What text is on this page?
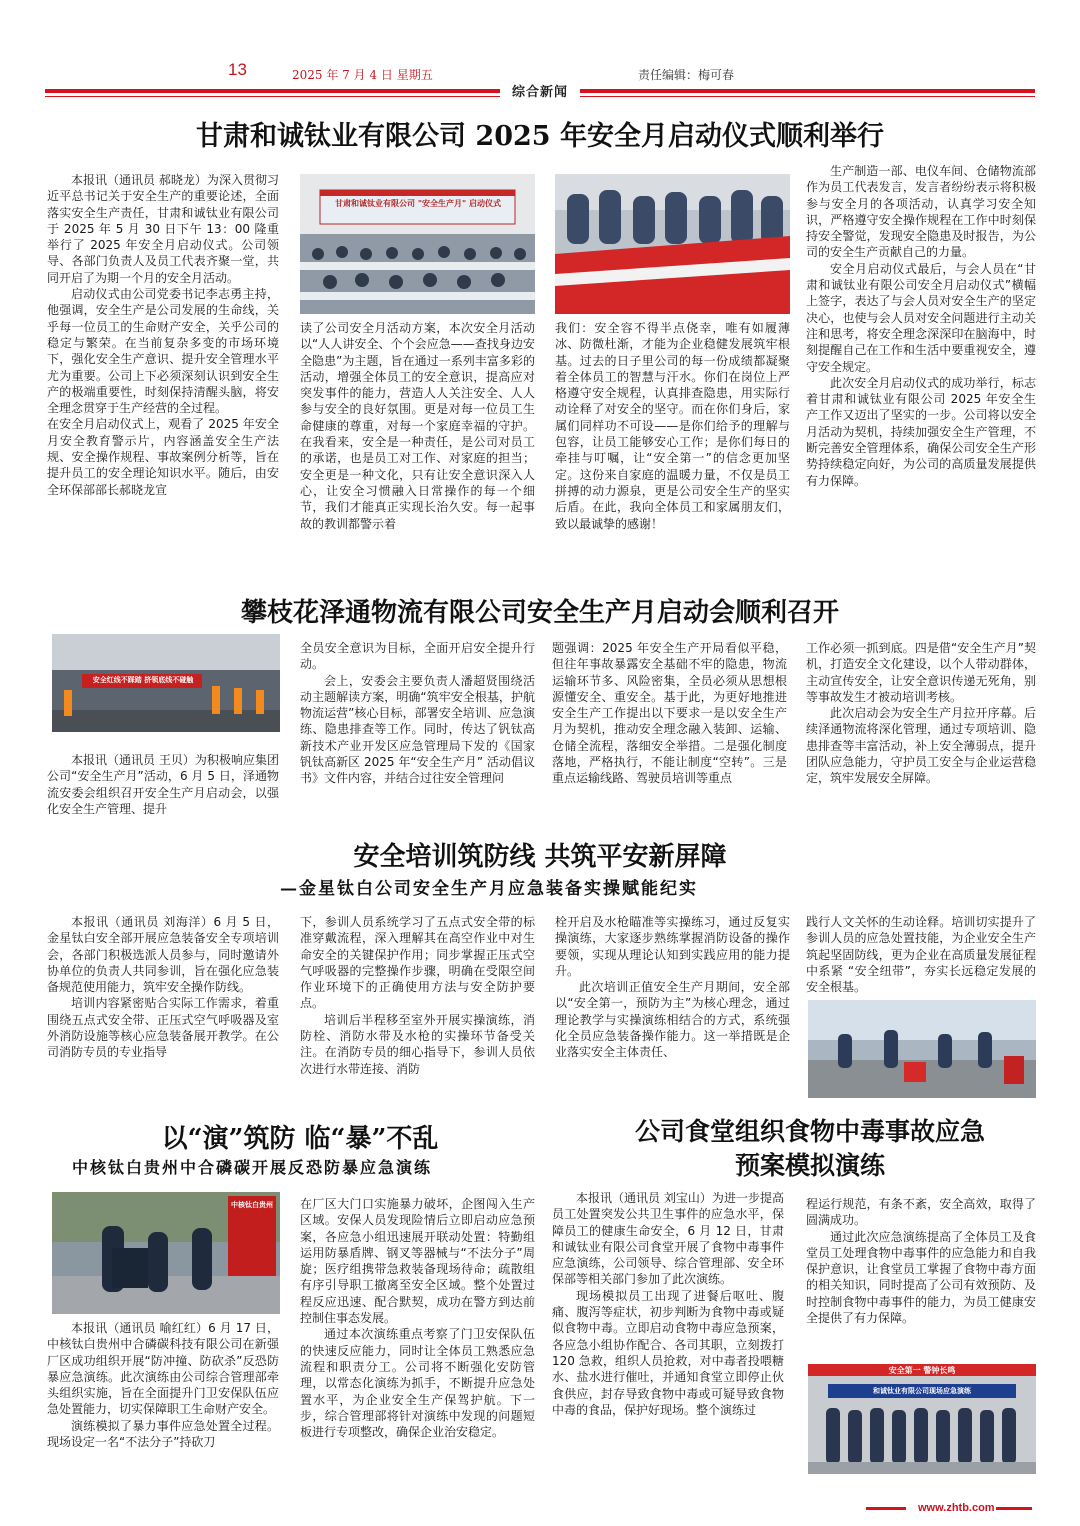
13	2025 年 7 月 4 日 星期五	责任编辑：梅可春
综合新闻
甘肃和诚钛业有限公司 2025 年安全月启动仪式顺利举行

本报讯（通讯员 郝晓龙）为深入贯彻习近平总书记关于安全生产的重要论述，全面落实安全生产责任，甘肃和诚钛业有限公司于 2025 年 5 月 30 日下午 13：00 隆重举行了 2025 年安全月启动仪式。公司领导、各部门负责人及员工代表齐聚一堂，共同开启了为期一个月的安全月活动。

启动仪式由公司党委书记李志勇主持，他强调，安全生产是公司发展的生命线，关乎每一位员工的生命财产安全，关乎公司的稳定与繁荣。在当前复杂多变的市场环境下，强化安全生产意识、提升安全管理水平尤为重要。公司上下必须深刻认识到安全生产的极端重要性，时刻保持清醒头脑，将安全理念贯穿于生产经营的全过程。

在安全月启动仪式上，观看了 2025 年安全月安全教育警示片，内容涵盖安全生产法规、安全操作规程、事故案例分析等，旨在提升员工的安全理论知识水平。随后，由安全环保部部长郝晓龙宣

甘肃和诚钛业有限公司 "安全生产月" 启动仪式

读了公司安全月活动方案，本次安全月活动以“人人讲安全、个个会应急——查找身边安全隐患”为主题，旨在通过一系列丰富多彩的活动，增强全体员工的安全意识，提高应对突发事件的能力，营造人人关注安全、人人参与安全的良好氛围。更是对每一位员工生命健康的尊重，对每一个家庭幸福的守护。在我看来，安全是一种责任，是公司对员工的承诺，也是员工对工作、对家庭的担当；安全更是一种文化，只有让安全意识深入人心，让安全习惯融入日常操作的每一个细节，我们才能真正实现长治久安。每一起事故的教训都警示着

我们：安全容不得半点侥幸，唯有如履薄冰、防微杜渐，才能为企业稳健发展筑牢根基。过去的日子里公司的每一份成绩都凝聚着全体员工的智慧与汗水。你们在岗位上严格遵守安全规程，认真排查隐患，用实际行动诠释了对安全的坚守。而在你们身后，家属们同样功不可设——是你们给予的理解与包容，让员工能够安心工作；是你们每日的牵挂与叮嘱，让“安全第一”的信念更加坚定。这份来自家庭的温暖力量，不仅是员工拼搏的动力源泉，更是公司安全生产的坚实后盾。在此，我向全体员工和家属朋友们，致以最诚挚的感谢！

生产制造一部、电仪车间、仓储物流部作为员工代表发言，发言者纷纷表示将积极参与安全月的各项活动，认真学习安全知识，严格遵守安全操作规程在工作中时刻保持安全警觉，发现安全隐患及时报告，为公司的安全生产贡献自己的力量。

安全月启动仪式最后，与会人员在“甘肃和诚钛业有限公司安全月启动仪式”横幅上签字，表达了与会人员对安全生产的坚定决心，也使与会人员对安全问题进行主动关注和思考，将安全理念深深印在脑海中，时刻提醒自己在工作和生活中要重视安全，遵守安全规定。

此次安全月启动仪式的成功举行，标志着甘肃和诚钛业有限公司 2025 年安全生产工作又迈出了坚实的一步。公司将以安全月活动为契机，持续加强安全生产管理，不断完善安全管理体系，确保公司安全生产形势持续稳定向好，为公司的高质量发展提供有力保障。

攀枝花泽通物流有限公司安全生产月启动会顺利召开
安全红线不踩踏 挤领底线不碰触

本报讯（通讯员 王贝）为积极响应集团公司“安全生产月”活动，6 月 5 日，泽通物流安委会组织召开安全生产月启动会，以强化安全生产管理、提升

全员安全意识为目标，全面开启安全提升行动。

会上，安委会主要负责人潘超贤围绕活动主题解读方案，明确“筑牢安全根基，护航物流运营”核心目标，部署安全培训、应急演练、隐患排查等工作。同时，传达了钒钛高新技术产业开发区应急管理局下发的《国家钒钛高新区 2025 年“安全生产月” 活动倡议书》文件内容，并结合过往安全管理问

题强调：2025 年安全生产开局看似平稳，但往年事故暴露安全基础不牢的隐患，物流运输环节多、风险密集，全员必须从思想根源懂安全、重安全。基于此，为更好地推进安全生产工作提出以下要求一是以安全生产月为契机，推动安全理念融入装卸、运输、仓储全流程，落细安全举措。二是强化制度落地，严格执行，不能让制度“空转”。三是重点运输线路、驾驶员培训等重点

工作必须一抓到底。四是借“安全生产月”契机，打造安全文化建设，以个人带动群体，主动宣传安全，让安全意识传递无死角，别等事故发生才被动培训考核。

此次启动会为安全生产月拉开序幕。后续泽通物流将深化管理，通过专项培训、隐患排查等丰富活动，补上安全薄弱点，提升团队应急能力，守护员工安全与企业运营稳定，筑牢发展安全屏障。

安全培训筑防线 共筑平安新屏障
—金星钛白公司安全生产月应急装备实操赋能纪实

本报讯（通讯员 刘海洋）6 月 5 日，金星钛白安全部开展应急装备安全专项培训会，各部门积极选派人员参与，同时邀请外协单位的负责人共同参训，旨在强化应急装备规范使用能力，筑牢安全操作防线。

培训内容紧密贴合实际工作需求，着重围绕五点式安全带、正压式空气呼吸器及室外消防设施等核心应急装备展开教学。在公司消防专员的专业指导

下，参训人员系统学习了五点式安全带的标准穿戴流程，深入理解其在高空作业中对生命安全的关键保护作用；同步掌握正压式空气呼吸器的完整操作步骤，明确在受限空间作业环境下的正确使用方法与安全防护要点。

培训后半程移至室外开展实操演练，消防栓、消防水带及水枪的实操环节备受关注。在消防专员的细心指导下，参训人员依次进行水带连接、消防

栓开启及水枪瞄准等实操练习，通过反复实操演练，大家逐步熟练掌握消防设备的操作要领，实现从理论认知到实践应用的能力提升。

此次培训正值安全生产月期间，安全部以“安全第一，预防为主”为核心理念，通过理论教学与实操演练相结合的方式，系统强化全员应急装备操作能力。这一举措既是企业落实安全主体责任、

践行人文关怀的生动诠释。培训切实提升了参训人员的应急处置技能，为企业安全生产筑起坚固防线，更为企业在高质量发展征程中系紧 “安全纽带”，夯实长远稳定发展的安全根基。

以“演”筑防 临“暴”不乱
中核钛白贵州中合磷碳开展反恐防暴应急演练
中核钛白贵州

本报讯（通讯员 喻红红）6 月 17 日，中核钛白贵州中合磷碳科技有限公司在新强厂区成功组织开展“防冲撞、防砍杀”反恐防暴应急演练。此次演练由公司综合管理部牵头组织实施，旨在全面提升门卫安保队伍应急处置能力，切实保障职工生命财产安全。

演练模拟了暴力事件应急处置全过程。现场设定一名“不法分子”持砍刀

在厂区大门口实施暴力破坏，企图闯入生产区域。安保人员发现险情后立即启动应急预案，各应急小组迅速展开联动处置：特勤组运用防暴盾牌、钢叉等器械与“不法分子”周旋；医疗组携带急救装备现场待命；疏散组有序引导职工撤离至安全区域。整个处置过程反应迅速、配合默契，成功在警方到达前控制住事态发展。

通过本次演练重点考察了门卫安保队伍的快速反应能力，同时让全体员工熟悉应急流程和职责分工。公司将不断强化安防管理，以常态化演练为抓手，不断提升应急处置水平，为企业安全生产保驾护航。下一步，综合管理部将针对演练中发现的问题短板进行专项整改，确保企业治安稳定。

公司食堂组织食物中毒事故应急
预案模拟演练

本报讯（通讯员 刘宝山）为进一步提高员工处置突发公共卫生事件的应急水平，保障员工的健康生命安全，6 月 12 日，甘肃和诚钛业有限公司食堂开展了食物中毒事件应急演练，公司领导、综合管理部、安全环保部等相关部门参加了此次演练。

现场模拟员工出现了进餐后呕吐、腹痛、腹泻等症状，初步判断为食物中毒或疑似食物中毒。立即启动食物中毒应急预案，各应急小组协作配合、各司其职，立刻拨打 120 急救，组织人员抢救，对中毒者投喂糖水、盐水进行催吐，并通知食堂立即停止伙食供应，封存导致食物中毒或可疑导致食物中毒的食品，保护好现场。整个演练过

程运行规范，有条不紊，安全高效，取得了圆满成功。

通过此次应急演练提高了全体员工及食堂员工处理食物中毒事件的应急能力和自我保护意识，让食堂员工掌握了食物中毒方面的相关知识，同时提高了公司有效预防、及时控制食物中毒事件的能力，为员工健康安全提供了有力保障。

安全第一 警钟长鸣
和诚钛业有限公司现场应急演练
www.zhtb.com
